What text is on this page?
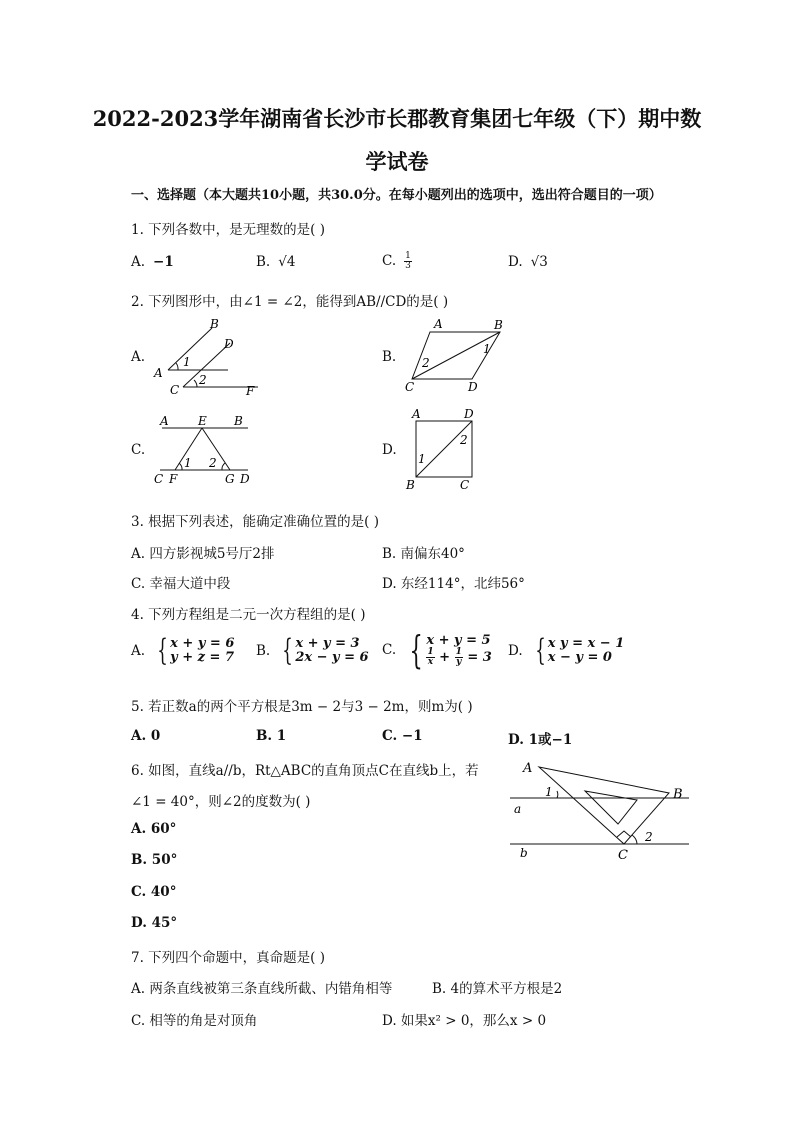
2022-2023学年湖南省长沙市长郡教育集团七年级（下）期中数
学试卷
一、选择题（本大题共10小题，共30.0分。在每小题列出的选项中，选出符合题目的一项）
1. 下列各数中，是无理数的是( )
A. −1	B. √4	C. $\frac{1}{3}$	D. √3
2. 下列图形中，由∠1 = ∠2，能得到AB//CD的是( )
A.
B
A
D
C	F
1
2
B.
A	B
C	D
1
2
C.
A E B
C F	G D
1 2
D.
A	D
B	C
1
2
3. 根据下列表述，能确定准确位置的是( )
A. 四方影视城5号厅2排	B. 南偏东40°
C. 幸福大道中段	D. 东经114°，北纬56°
4. 下列方程组是二元一次方程组的是( )
A. { x + y = 6
y + z = 7 B. { x + y = 3
2x − y = 6 C. { x + y = 5
$\frac{1}{x} + \frac{1}{y} = 3$ D. { x y = x − 1
x − y = 0
5. 若正数a的两个平方根是3m − 2与3 − 2m，则m为( )
A. 0	B. 1	C. −1	D. 1或−1
6. 如图，直线a//b，Rt△ABC的直角顶点C在直线b上，若
∠1 = 40°，则∠2的度数为( )
A. 60°
B. 50°
C. 40°
D. 45°
A
B
C
a
b
1
2
7. 下列四个命题中，真命题是( )
A. 两条直线被第三条直线所截、内错角相等	B. 4的算术平方根是2
C. 相等的角是对顶角	D. 如果x² > 0，那么x > 0
